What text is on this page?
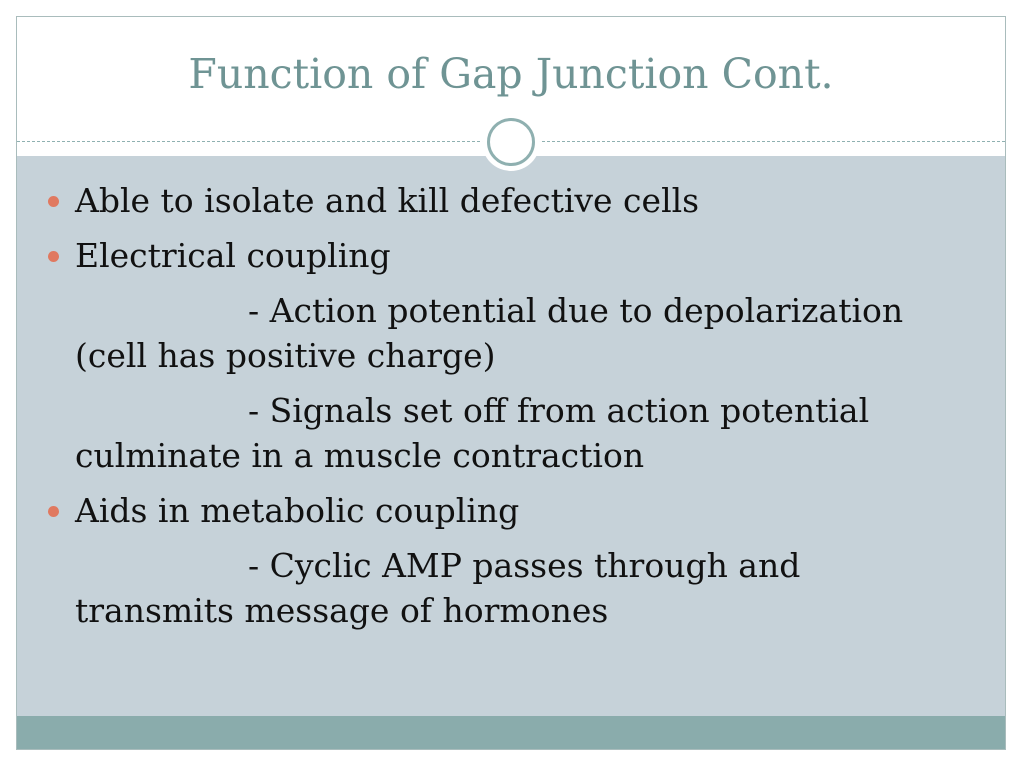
Function of Gap Junction Cont.
Able to isolate and kill defective cells
Electrical coupling
- Action potential due to depolarization
(cell has positive charge)
- Signals set off from action potential
culminate in a muscle contraction
Aids in metabolic coupling
- Cyclic AMP passes through and
transmits message of hormones
